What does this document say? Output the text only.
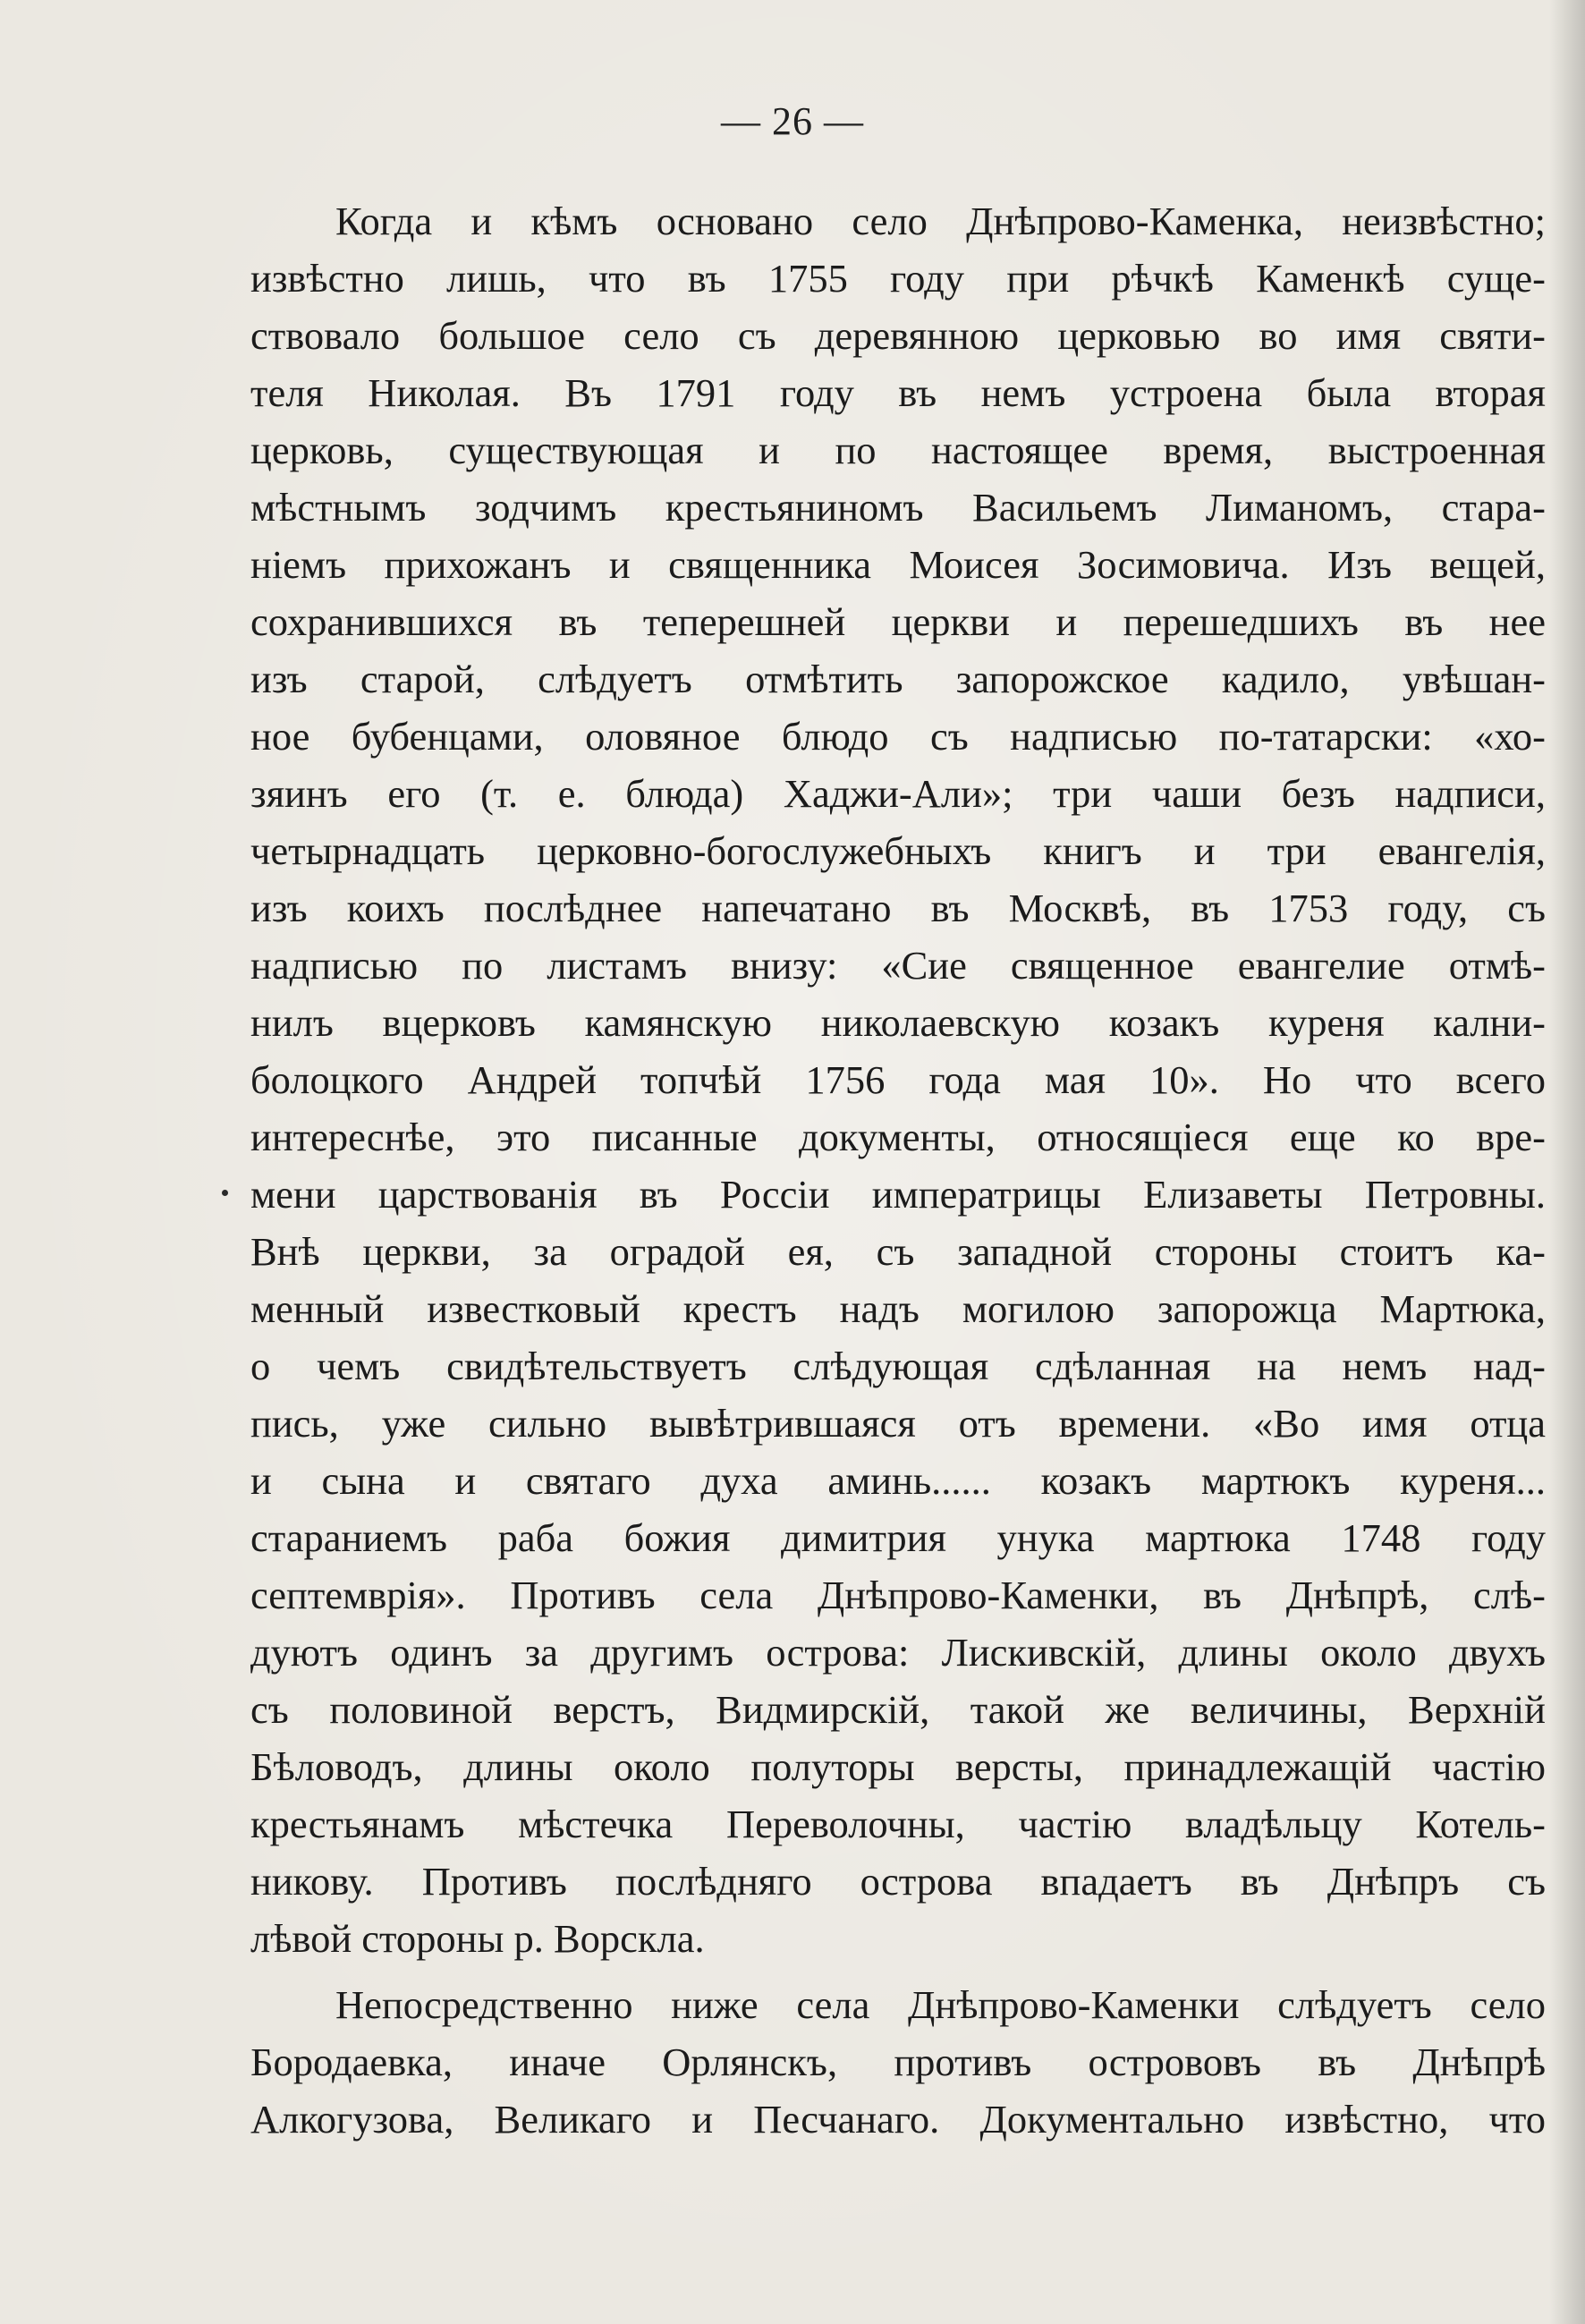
— 26 —
Когда и кѣмъ основано село Днѣпрово-Каменка, неизвѣстно;
извѣстно лишь, что въ 1755 году при рѣчкѣ Каменкѣ суще-
ствовало большое село съ деревянною церковью во имя святи-
теля Николая. Въ 1791 году въ немъ устроена была вторая
церковь, существующая и по настоящее время, выстроенная
мѣстнымъ зодчимъ крестьяниномъ Васильемъ Лиманомъ, стара-
ніемъ прихожанъ и священника Моисея Зосимовича. Изъ вещей,
сохранившихся въ теперешней церкви и перешедшихъ въ нее
изъ старой, слѣдуетъ отмѣтить запорожское кадило, увѣшан-
ное бубенцами, оловяное блюдо съ надписью по-татарски: «хо-
зяинъ его (т. е. блюда) Хаджи-Али»; три чаши безъ надписи,
четырнадцать церковно-богослужебныхъ книгъ и три евангелія,
изъ коихъ послѣднее напечатано въ Москвѣ, въ 1753 году, съ
надписью по листамъ внизу: «Сие священное евангелие отмѣ-
нилъ вцерковъ камянскую николаевскую козакъ куреня кални-
болоцкого Андрей топчѣй 1756 года мая 10». Но что всего
интереснѣе, это писанные документы, относящіеся еще ко вре-
мени царствованія въ Россіи императрицы Елизаветы Петровны.
Внѣ церкви, за оградой ея, съ западной стороны стоитъ ка-
менный известковый крестъ надъ могилою запорожца Мартюка,
о чемъ свидѣтельствуетъ слѣдующая сдѣланная на немъ над-
пись, уже сильно вывѣтрившаяся отъ времени. «Во имя отца
и сына и святаго духа аминь...... козакъ мартюкъ куреня...
стараниемъ раба божия димитрия унука мартюка 1748 году
септемврія». Противъ села Днѣпрово-Каменки, въ Днѣпрѣ, слѣ-
дуютъ одинъ за другимъ острова: Лискивскій, длины около двухъ
съ половиной верстъ, Видмирскій, такой же величины, Верхній
Бѣловодъ, длины около полуторы версты, принадлежащій частію
крестьянамъ мѣстечка Переволочны, частію владѣльцу Котель-
никову. Противъ послѣдняго острова впадаетъ въ Днѣпръ съ
лѣвой стороны р. Ворскла.
Непосредственно ниже села Днѣпрово-Каменки слѣдуетъ село
Бородаевка, иначе Орлянскъ, противъ острововъ въ Днѣпрѣ
Алкогузова, Великаго и Песчанаго. Документально извѣстно, что
